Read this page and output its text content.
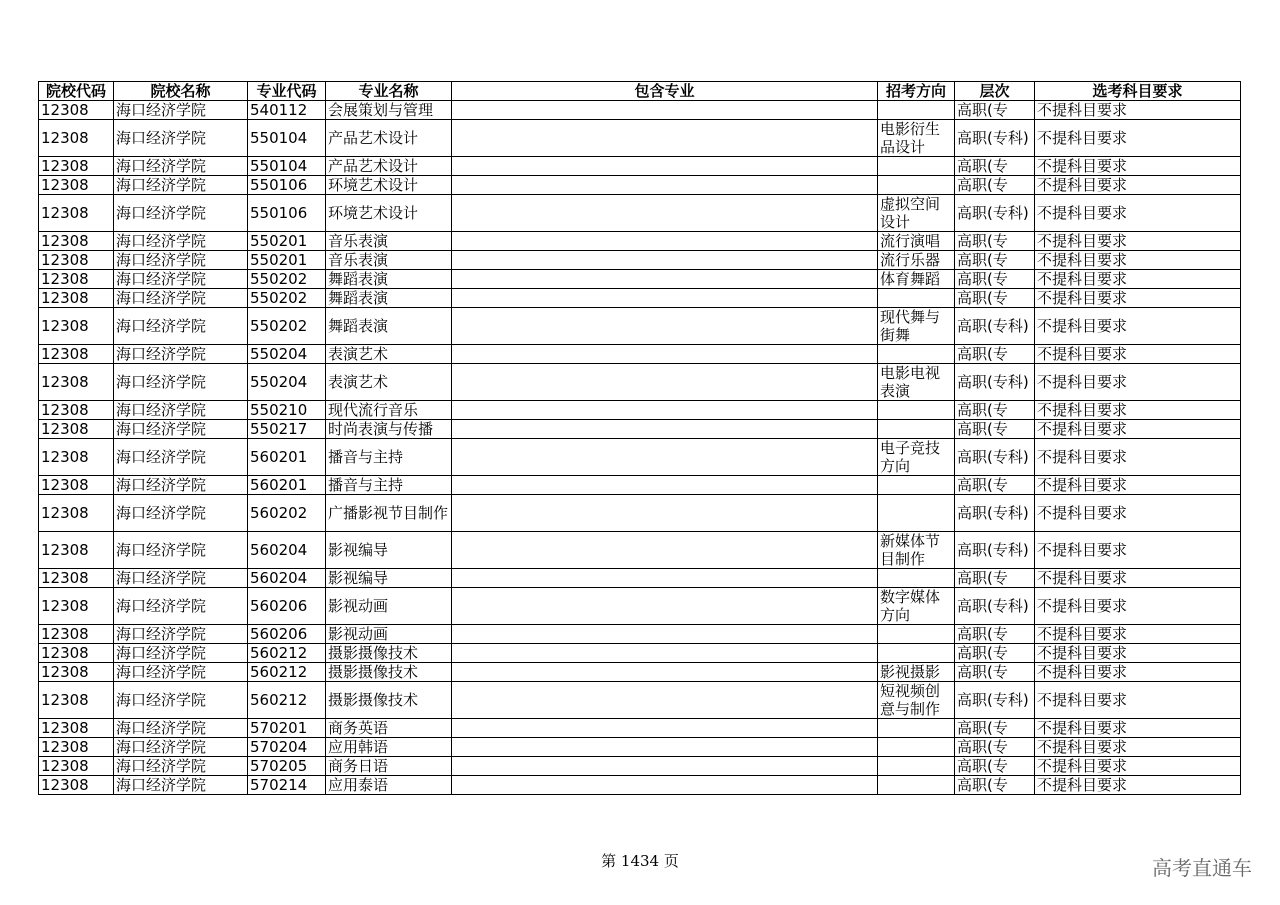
院校代码	院校名称	专业代码	专业名称	包含专业	招考方向	层次	选考科目要求
12308	海口经济学院	540112	会展策划与管理			高职(专	不提科目要求
12308	海口经济学院	550104	产品艺术设计		电影衍生品设计	高职(专科)	不提科目要求
12308	海口经济学院	550104	产品艺术设计			高职(专	不提科目要求
12308	海口经济学院	550106	环境艺术设计			高职(专	不提科目要求
12308	海口经济学院	550106	环境艺术设计		虚拟空间设计	高职(专科)	不提科目要求
12308	海口经济学院	550201	音乐表演		流行演唱	高职(专	不提科目要求
12308	海口经济学院	550201	音乐表演		流行乐器	高职(专	不提科目要求
12308	海口经济学院	550202	舞蹈表演		体育舞蹈	高职(专	不提科目要求
12308	海口经济学院	550202	舞蹈表演			高职(专	不提科目要求
12308	海口经济学院	550202	舞蹈表演		现代舞与街舞	高职(专科)	不提科目要求
12308	海口经济学院	550204	表演艺术			高职(专	不提科目要求
12308	海口经济学院	550204	表演艺术		电影电视表演	高职(专科)	不提科目要求
12308	海口经济学院	550210	现代流行音乐			高职(专	不提科目要求
12308	海口经济学院	550217	时尚表演与传播			高职(专	不提科目要求
12308	海口经济学院	560201	播音与主持		电子竞技方向	高职(专科)	不提科目要求
12308	海口经济学院	560201	播音与主持			高职(专	不提科目要求
12308	海口经济学院	560202	广播影视节目制作			高职(专科)	不提科目要求
12308	海口经济学院	560204	影视编导		新媒体节目制作	高职(专科)	不提科目要求
12308	海口经济学院	560204	影视编导			高职(专	不提科目要求
12308	海口经济学院	560206	影视动画		数字媒体方向	高职(专科)	不提科目要求
12308	海口经济学院	560206	影视动画			高职(专	不提科目要求
12308	海口经济学院	560212	摄影摄像技术			高职(专	不提科目要求
12308	海口经济学院	560212	摄影摄像技术		影视摄影	高职(专	不提科目要求
12308	海口经济学院	560212	摄影摄像技术		短视频创意与制作	高职(专科)	不提科目要求
12308	海口经济学院	570201	商务英语			高职(专	不提科目要求
12308	海口经济学院	570204	应用韩语			高职(专	不提科目要求
12308	海口经济学院	570205	商务日语			高职(专	不提科目要求
12308	海口经济学院	570214	应用泰语			高职(专	不提科目要求
第 1434 页	高考直通车
